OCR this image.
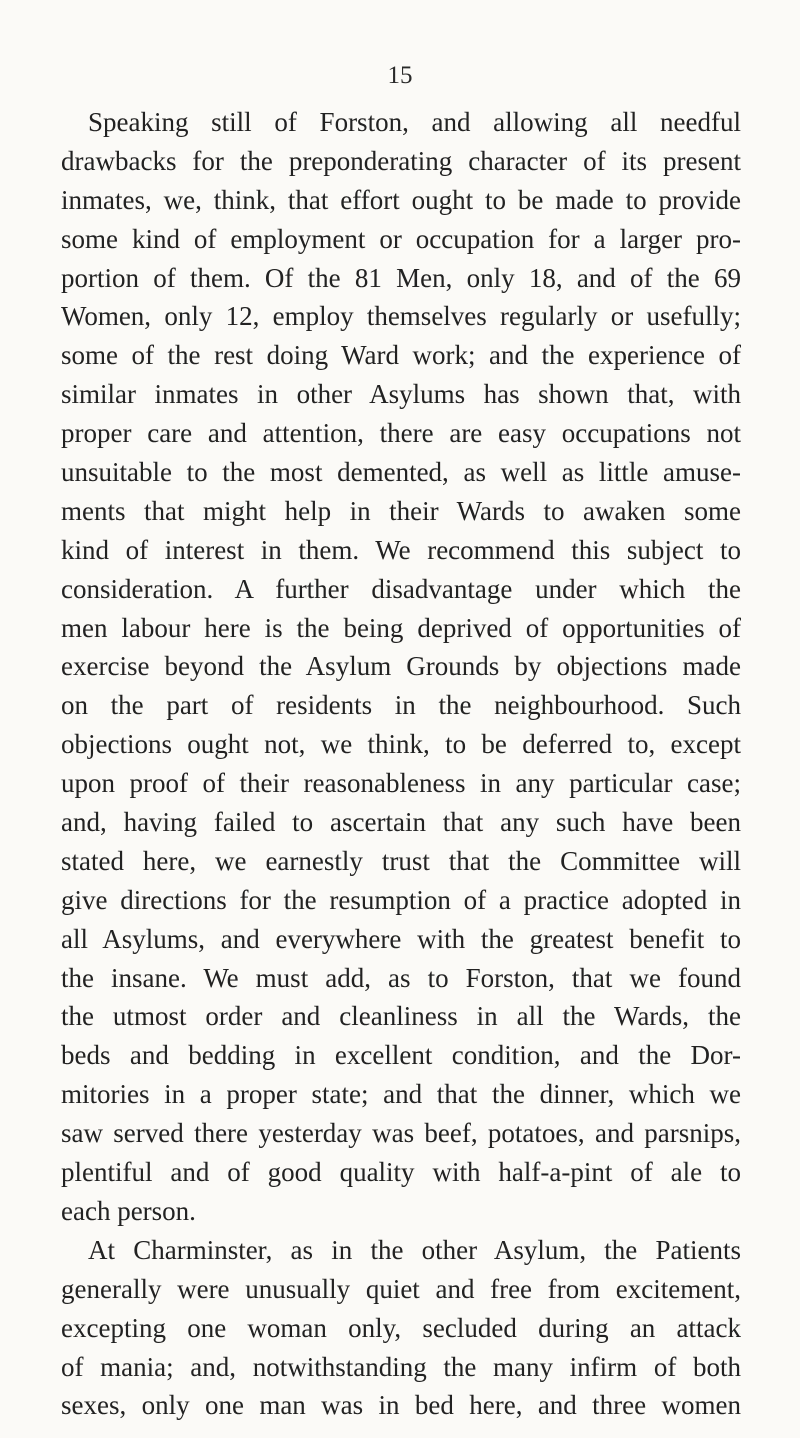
15
Speaking still of Forston, and allowing all needful
drawbacks for the preponderating character of its present
inmates, we, think, that effort ought to be made to provide
some kind of employment or occupation for a larger pro-
portion of them. Of the 81 Men, only 18, and of the 69
Women, only 12, employ themselves regularly or usefully;
some of the rest doing Ward work; and the experience of
similar inmates in other Asylums has shown that, with
proper care and attention, there are easy occupations not
unsuitable to the most demented, as well as little amuse-
ments that might help in their Wards to awaken some
kind of interest in them. We recommend this subject to
consideration. A further disadvantage under which the
men labour here is the being deprived of opportunities of
exercise beyond the Asylum Grounds by objections made
on the part of residents in the neighbourhood. Such
objections ought not, we think, to be deferred to, except
upon proof of their reasonableness in any particular case;
and, having failed to ascertain that any such have been
stated here, we earnestly trust that the Committee will
give directions for the resumption of a practice adopted in
all Asylums, and everywhere with the greatest benefit to
the insane. We must add, as to Forston, that we found
the utmost order and cleanliness in all the Wards, the
beds and bedding in excellent condition, and the Dor-
mitories in a proper state; and that the dinner, which we
saw served there yesterday was beef, potatoes, and parsnips,
plentiful and of good quality with half-a-pint of ale to
each person.
At Charminster, as in the other Asylum, the Patients
generally were unusually quiet and free from excitement,
excepting one woman only, secluded during an attack
of mania; and, notwithstanding the many infirm of both
sexes, only one man was in bed here, and three women
